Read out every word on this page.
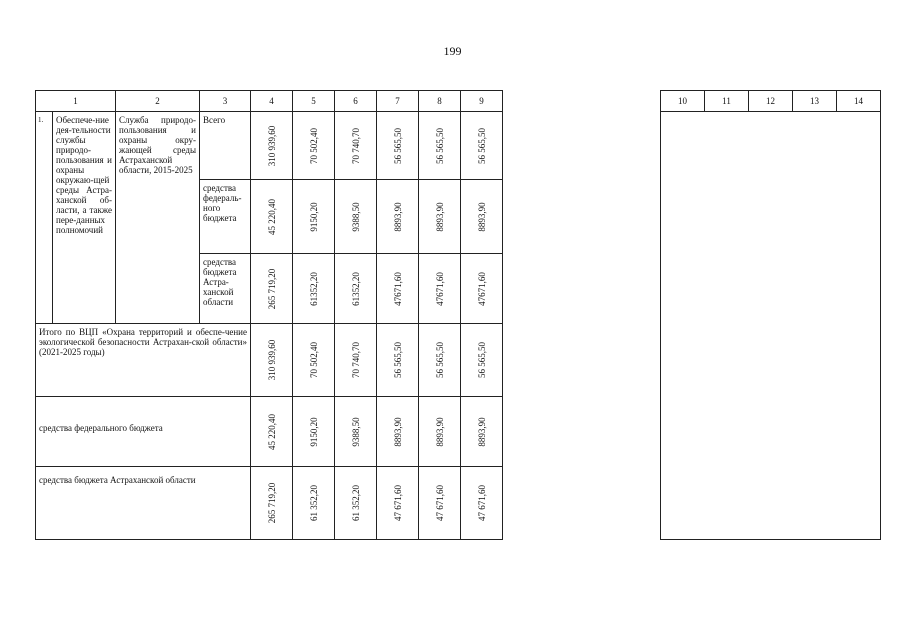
199
1		2	3	4	5	6	7	8	9		10	11	12	13	14
1.	Обеспече-ние дея-тельности службы природо-пользования и охраны окружаю-щей среды Астра-ханской об-ласти, а также пере-данных полномочий	Служба природо-пользования и охраны окру-жающей среды Астраханской области, 2015-2025	Всего	310 939,60	70 502,40	70 740,70	56 565,50	56 565,50	56 565,50						

			средства федераль-ного бюджета	45 220,40	9150,20	9388,50	8893,90	8893,90	8893,90						

			средства бюджета Астра-ханской области	265 719,20	61352,20	61352,20	47671,60	47671,60	47671,60						

Итого по ВЦП «Охрана территорий и обеспе-чение экологической безопасности Астрахан-ской области» (2021-2025 годы)				310 939,60	70 502,40	70 740,70	56 565,50	56 565,50	56 565,50						

средства федерального бюджета				45 220,40	9150,20	9388,50	8893,90	8893,90	8893,90						

средства бюджета Астраханской области				265 719,20	61 352,20	61 352,20	47 671,60	47 671,60	47 671,60						
